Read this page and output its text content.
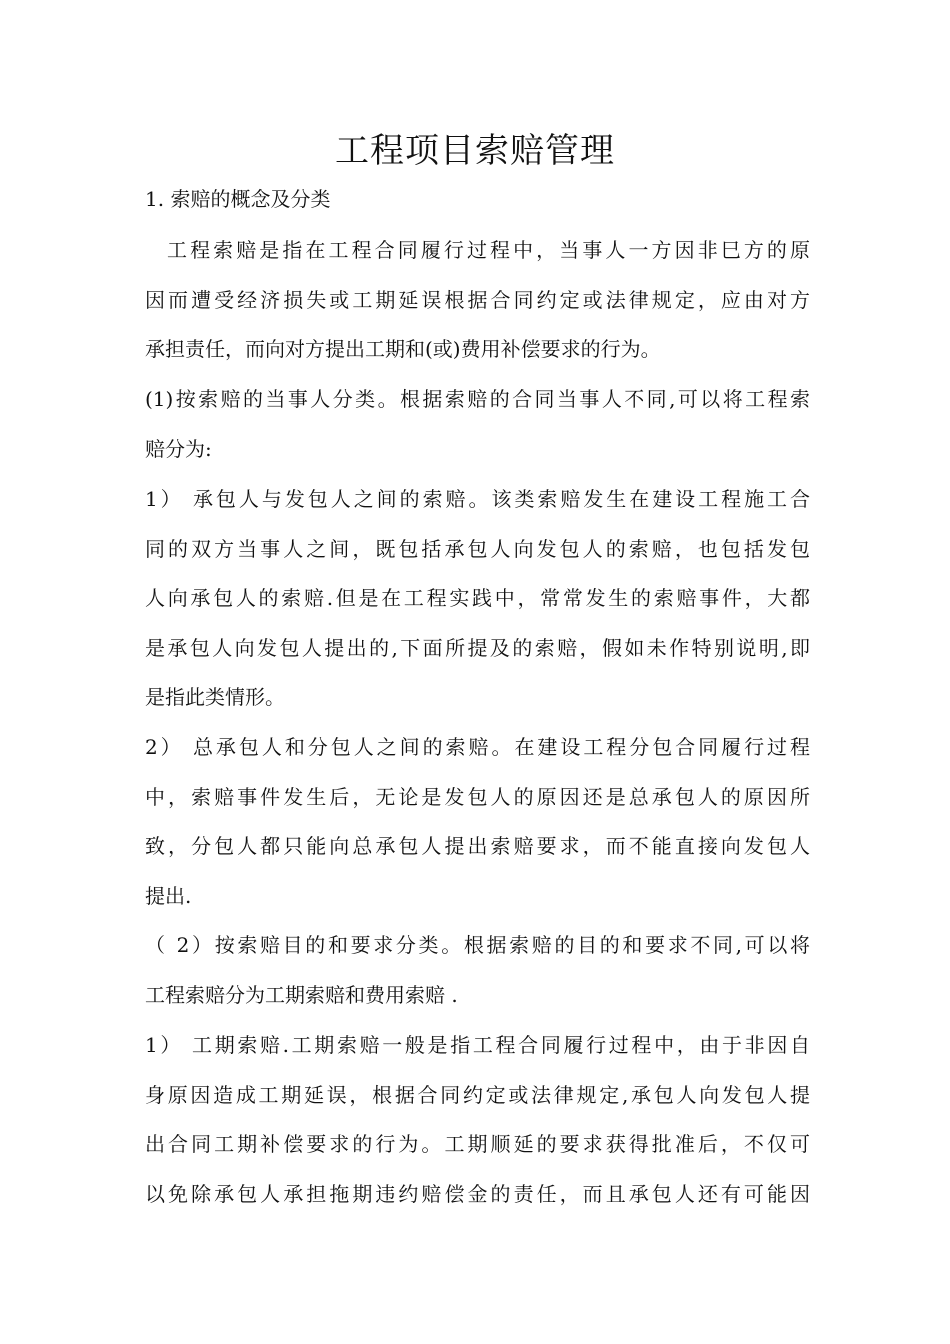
工程项目索赔管理

1. 索赔的概念及分类

工程索赔是指在工程合同履行过程中，当事人一方因非巳方的原
因而遭受经济损失或工期延误根据合同约定或法律规定，应由对方
承担责任，而向对方提出工期和(或)费用补偿要求的行为。
(1)按索赔的当事人分类。根据索赔的合同当事人不同,可以将工程索
赔分为:
1） 承包人与发包人之间的索赔。该类索赔发生在建设工程施工合
同的双方当事人之间，既包括承包人向发包人的索赔，也包括发包
人向承包人的索赔.但是在工程实践中，常常发生的索赔事件，大都
是承包人向发包人提出的,下面所提及的索赔，假如未作特别说明,即
是指此类情形。
2） 总承包人和分包人之间的索赔。在建设工程分包合同履行过程
中，索赔事件发生后，无论是发包人的原因还是总承包人的原因所
致，分包人都只能向总承包人提出索赔要求，而不能直接向发包人
提出.
（ 2）按索赔目的和要求分类。根据索赔的目的和要求不同,可以将
工程索赔分为工期索赔和费用索赔 .
1） 工期索赔.工期索赔一般是指工程合同履行过程中，由于非因自
身原因造成工期延误，根据合同约定或法律规定,承包人向发包人提
出合同工期补偿要求的行为。工期顺延的要求获得批准后，不仅可
以免除承包人承担拖期违约赔偿金的责任，而且承包人还有可能因
